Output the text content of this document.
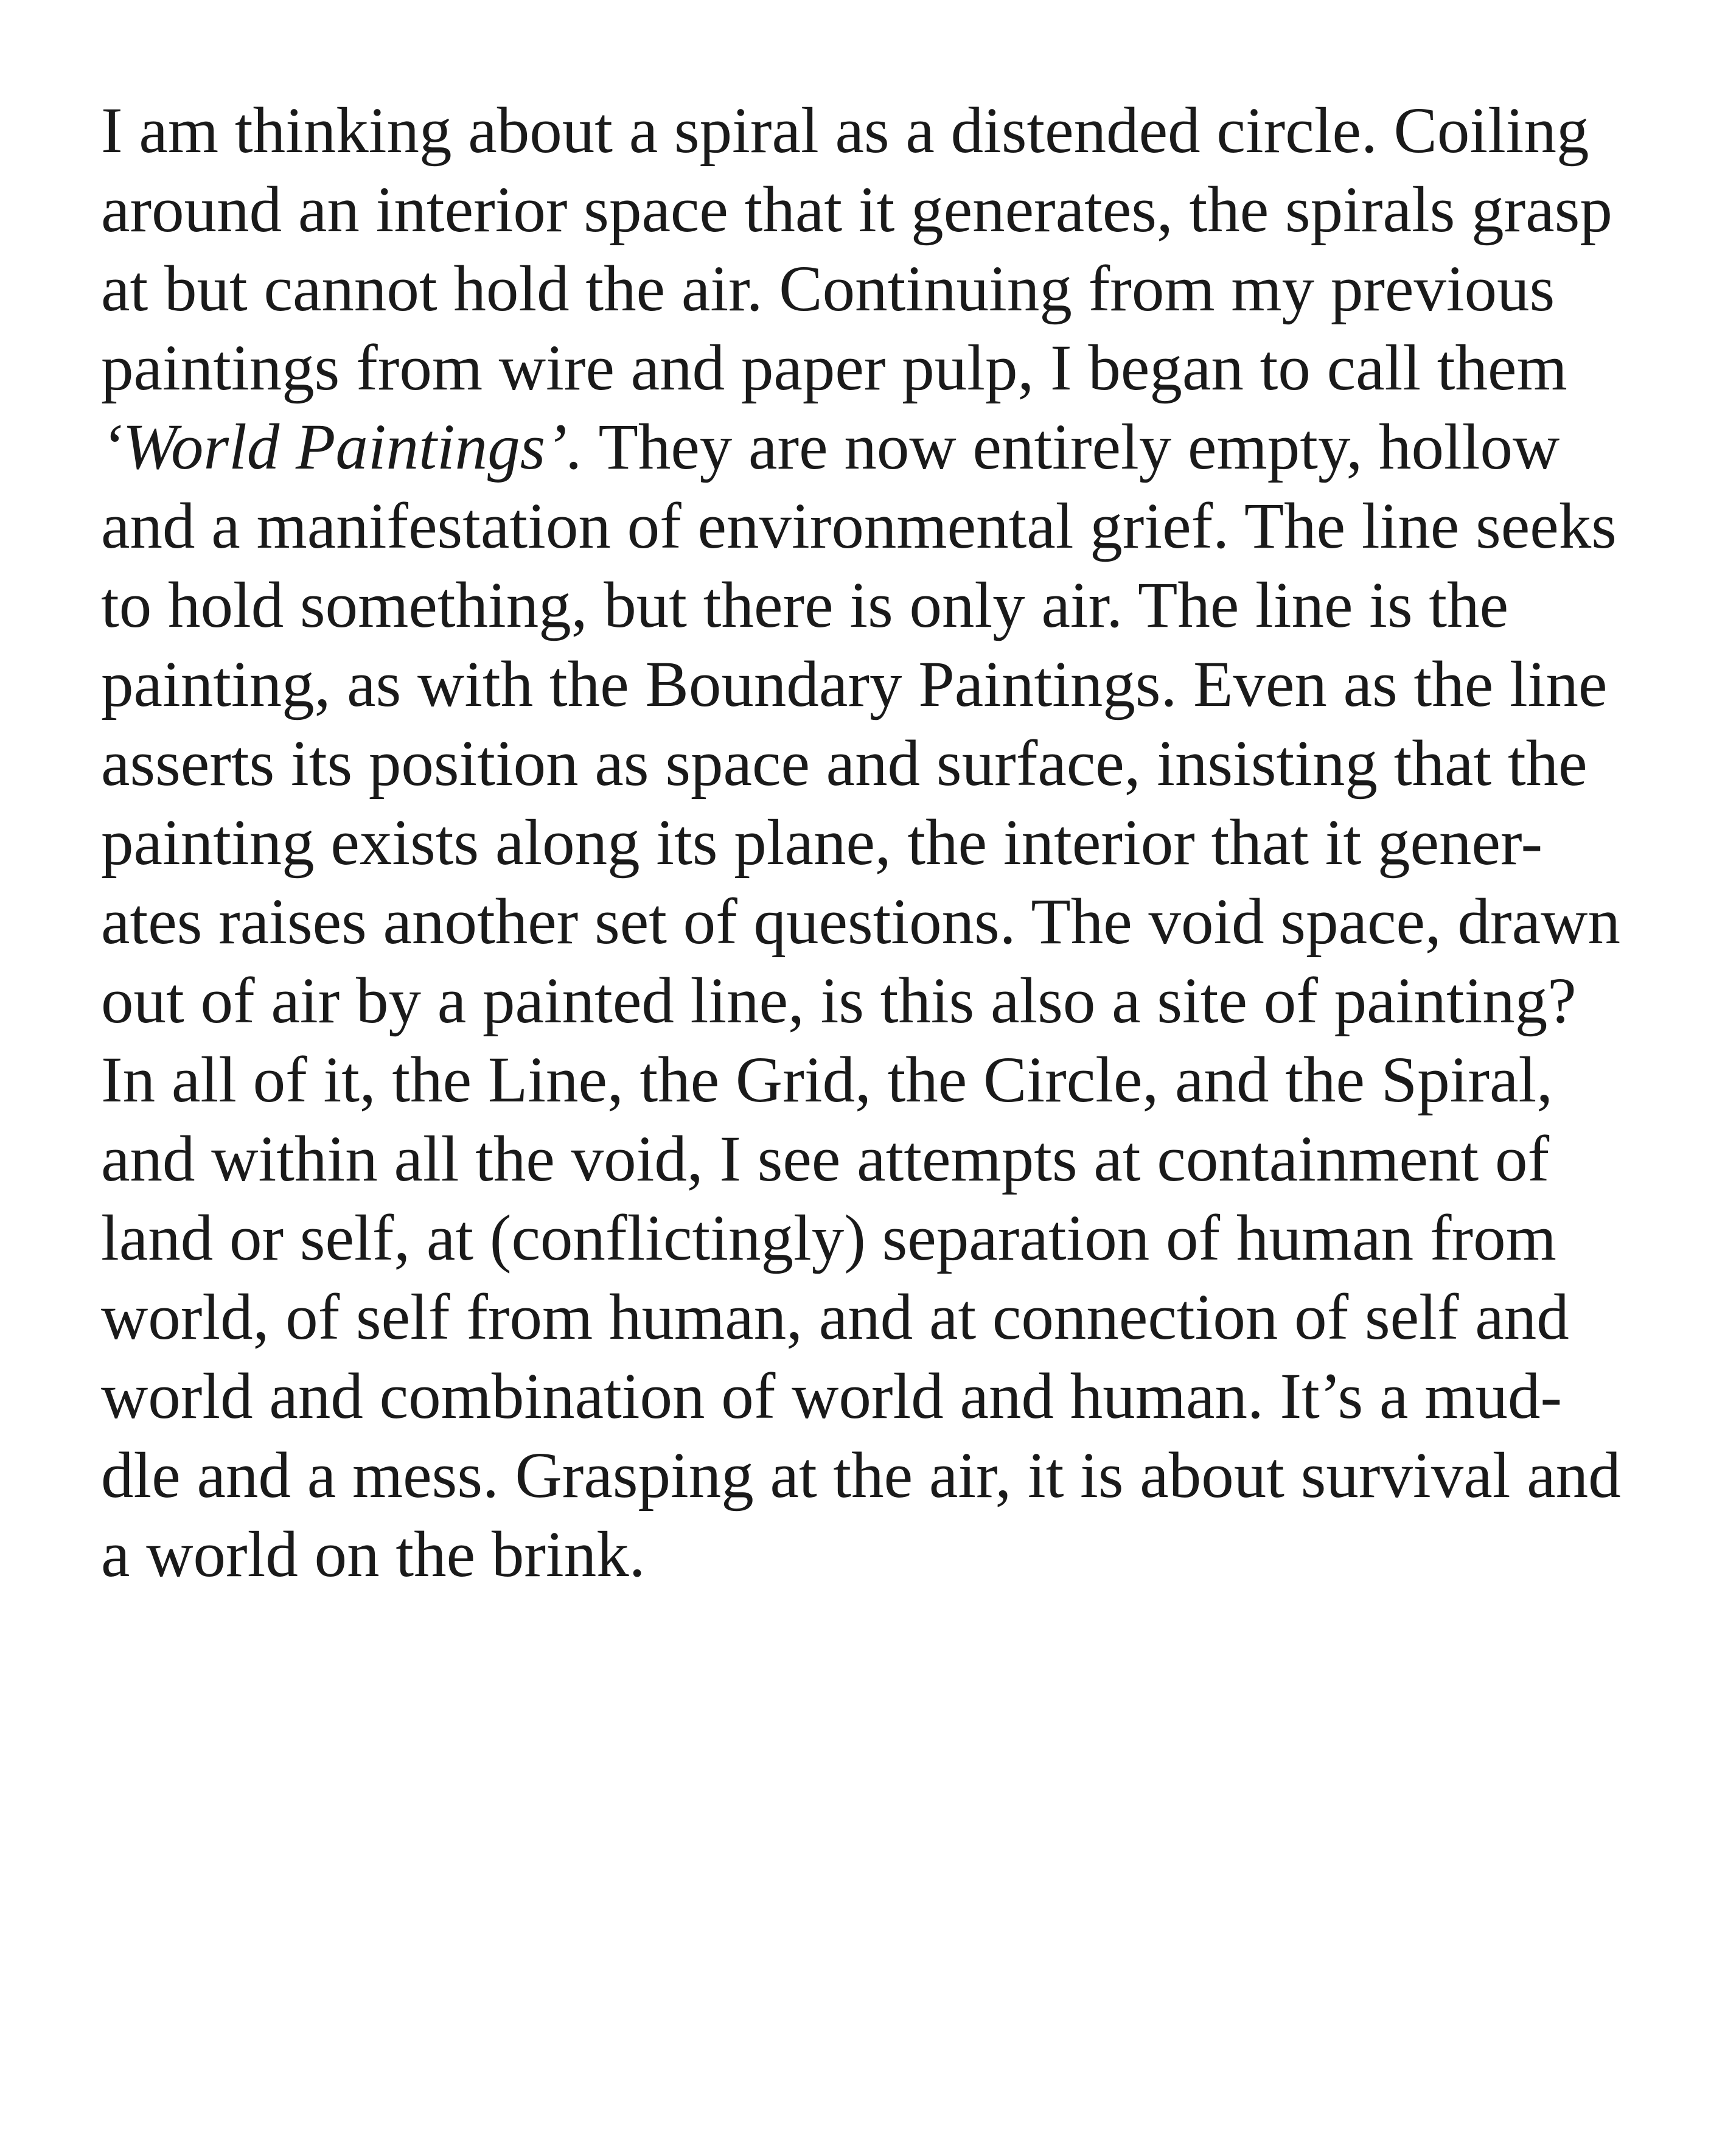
I am thinking about a spiral as a distended circle. Coiling
around an interior space that it generates, the spirals grasp
at but cannot hold the air. Continuing from my previous
paintings from wire and paper pulp, I began to call them
‘World Paintings’. They are now entirely empty, hollow
and a manifestation of environmental grief. The line seeks
to hold something, but there is only air. The line is the
painting, as with the Boundary Paintings. Even as the line
asserts its position as space and surface, insisting that the
painting exists along its plane, the interior that it gener-
ates raises another set of questions. The void space, drawn
out of air by a painted line, is this also a site of painting?
In all of it, the Line, the Grid, the Circle, and the Spiral,
and within all the void, I see attempts at containment of
land or self, at (conflictingly) separation of human from
world, of self from human, and at connection of self and
world and combination of world and human. It’s a mud-
dle and a mess. Grasping at the air, it is about survival and
a world on the brink.
